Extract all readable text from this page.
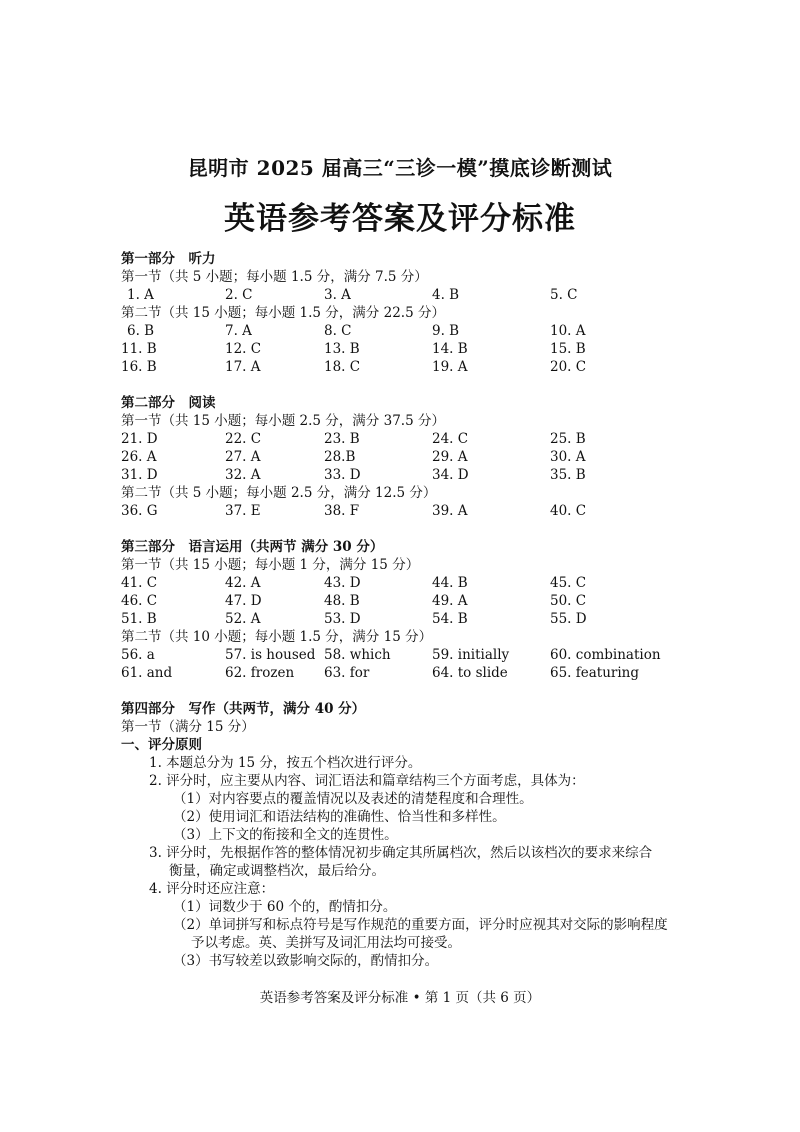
昆明市 2025 届高三“三诊一模”摸底诊断测试
英语参考答案及评分标准
第一部分　听力
第一节（共 5 小题；每小题 1.5 分，满分 7.5 分）
1. A	2. C	3. A	4. B	5. C
第二节（共 15 小题；每小题 1.5 分，满分 22.5 分）
6. B	7. A	8. C	9. B	10. A
11. B	12. C	13. B	14. B	15. B
16. B	17. A	18. C	19. A	20. C
第二部分　阅读
第一节（共 15 小题；每小题 2.5 分，满分 37.5 分）
21. D	22. C	23. B	24. C	25. B
26. A	27. A	28.B	29. A	30. A
31. D	32. A	33. D	34. D	35. B
第二节（共 5 小题；每小题 2.5 分，满分 12.5 分）
36. G	37. E	38. F	39. A	40. C
第三部分　语言运用（共两节 满分 30 分）
第一节（共 15 小题；每小题 1 分，满分 15 分）
41. C	42. A	43. D	44. B	45. C
46. C	47. D	48. B	49. A	50. C
51. B	52. A	53. D	54. B	55. D
第二节（共 10 小题；每小题 1.5 分，满分 15 分）
56. a	57. is housed 58. which	59. initially	60. combination
61. and	62. frozen	63. for	64. to slide	65. featuring
第四部分　写作（共两节，满分 40 分）
第一节（满分 15 分）
一、评分原则
1. 本题总分为 15 分，按五个档次进行评分。
2. 评分时，应主要从内容、词汇语法和篇章结构三个方面考虑，具体为：
（1）对内容要点的覆盖情况以及表述的清楚程度和合理性。
（2）使用词汇和语法结构的准确性、恰当性和多样性。
（3）上下文的衔接和全文的连贯性。
3. 评分时，先根据作答的整体情况初步确定其所属档次，然后以该档次的要求来综合
衡量，确定或调整档次，最后给分。
4. 评分时还应注意：
（1）词数少于 60 个的，酌情扣分。
（2）单词拼写和标点符号是写作规范的重要方面，评分时应视其对交际的影响程度
予以考虑。英、美拼写及词汇用法均可接受。
（3）书写较差以致影响交际的，酌情扣分。
英语参考答案及评分标准 • 第 1 页（共 6 页）
